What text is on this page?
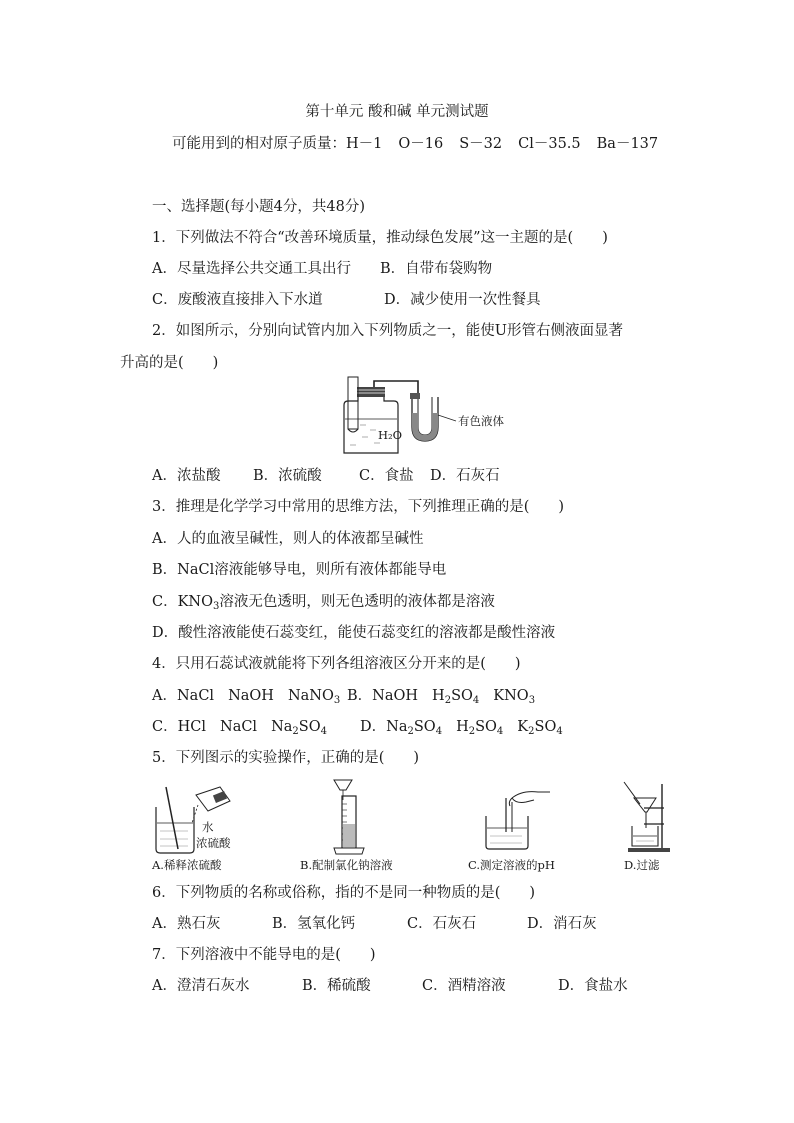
第十单元 酸和碱 单元测试题
可能用到的相对原子质量：H－1 O－16 S－32 Cl－35.5 Ba－137
一、选择题(每小题4分，共48分)
1．下列做法不符合“改善环境质量，推动绿色发展”这一主题的是(　　)
A．尽量选择公共交通工具出行 B．自带布袋购物
C．废酸液直接排入下水道	D．减少使用一次性餐具
2．如图所示，分别向试管内加入下列物质之一，能使U形管右侧液面显著
升高的是(　　)
H₂O
有色液体
A．浓盐酸 B．浓硫酸	C．食盐 D．石灰石
3．推理是化学学习中常用的思维方法，下列推理正确的是(　　)
A．人的血液呈碱性，则人的体液都呈碱性
B．NaCl溶液能够导电，则所有液体都能导电
C．$KNO_3$溶液无色透明，则无色透明的液体都是溶液
D．酸性溶液能使石蕊变红，能使石蕊变红的溶液都是酸性溶液
4．只用石蕊试液就能将下列各组溶液区分开来的是(　　)
A．NaCl NaOH NaNO$_3$ B．NaOH $H_2SO_4$ $KNO_3$
C．HCl NaCl $Na_2SO_4$ D．$Na_2SO_4$ $H_2SO_4$ $K_2SO_4$
5．下列图示的实验操作，正确的是(　　)
水
浓硫酸
A.稀释浓硫酸	B.配制氯化钠溶液	C.测定溶液的pH	D.过滤
6．下列物质的名称或俗称，指的不是同一种物质的是(　　)
A．熟石灰	B．氢氧化钙	C．石灰石	D．消石灰
7．下列溶液中不能导电的是(　　)
A．澄清石灰水	B．稀硫酸	C．酒精溶液	D．食盐水
